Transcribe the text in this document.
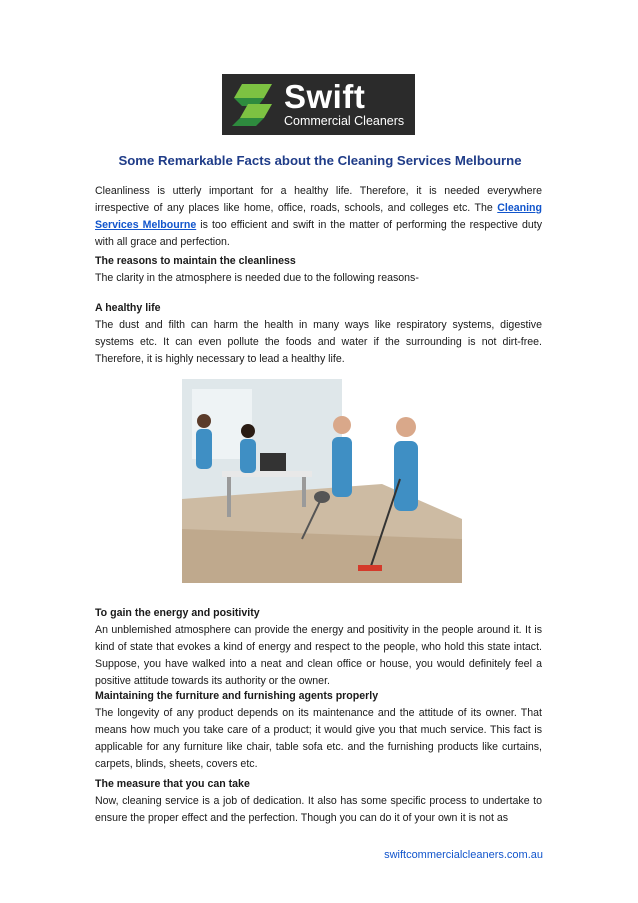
Swift
Commercial Cleaners
Some Remarkable Facts about the Cleaning Services Melbourne

Cleanliness is utterly important for a healthy life. Therefore, it is needed everywhere irrespective of any places like home, office, roads, schools, and colleges etc. The Cleaning Services Melbourne is too efficient and swift in the matter of performing the respective duty with all grace and perfection.

The reasons to maintain the cleanliness
The clarity in the atmosphere is needed due to the following reasons-

A healthy life
The dust and filth can harm the health in many ways like respiratory systems, digestive systems etc. It can even pollute the foods and water if the surrounding is not dirt-free. Therefore, it is highly necessary to lead a healthy life.

To gain the energy and positivity
An unblemished atmosphere can provide the energy and positivity in the people around it. It is kind of state that evokes a kind of energy and respect to the people, who hold this state intact. Suppose, you have walked into a neat and clean office or house, you would definitely feel a positive attitude towards its authority or the owner.

Maintaining the furniture and furnishing agents properly
The longevity of any product depends on its maintenance and the attitude of its owner. That means how much you take care of a product; it would give you that much service. This fact is applicable for any furniture like chair, table sofa etc. and the furnishing products like curtains, carpets, blinds, sheets, covers etc.

The measure that you can take
Now, cleaning service is a job of dedication. It also has some specific process to undertake to ensure the proper effect and the perfection. Though you can do it of your own it is not as

swiftcommercialcleaners.com.au
